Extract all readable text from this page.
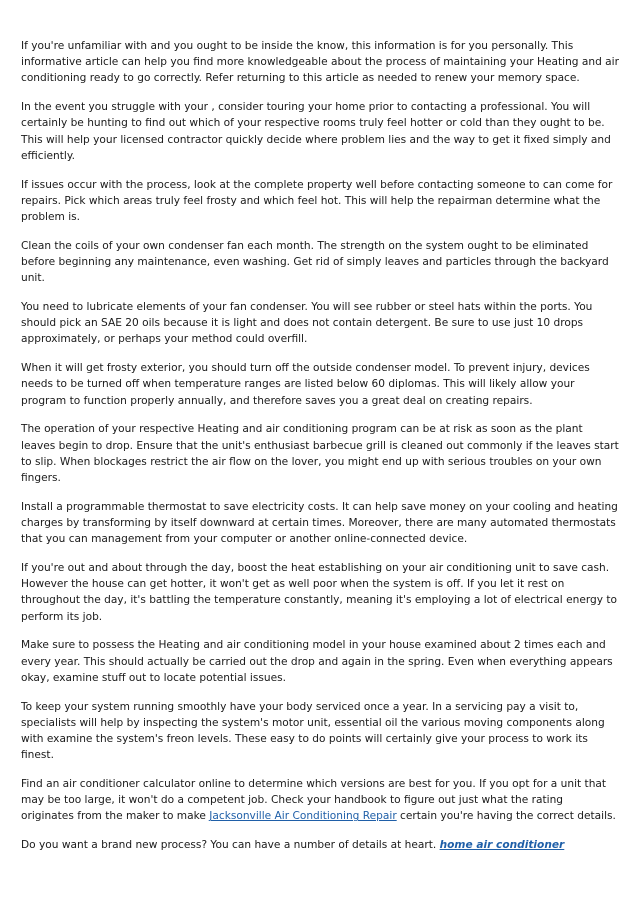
If you're unfamiliar with and you ought to be inside the know, this information is for you personally. This informative article can help you find more knowledgeable about the process of maintaining your Heating and air conditioning ready to go correctly. Refer returning to this article as needed to renew your memory space.

In the event you struggle with your , consider touring your home prior to contacting a professional. You will certainly be hunting to find out which of your respective rooms truly feel hotter or cold than they ought to be. This will help your licensed contractor quickly decide where problem lies and the way to get it fixed simply and efficiently.

If issues occur with the process, look at the complete property well before contacting someone to can come for repairs. Pick which areas truly feel frosty and which feel hot. This will help the repairman determine what the problem is.

Clean the coils of your own condenser fan each month. The strength on the system ought to be eliminated before beginning any maintenance, even washing. Get rid of simply leaves and particles through the backyard unit.

You need to lubricate elements of your fan condenser. You will see rubber or steel hats within the ports. You should pick an SAE 20 oils because it is light and does not contain detergent. Be sure to use just 10 drops approximately, or perhaps your method could overfill.

When it will get frosty exterior, you should turn off the outside condenser model. To prevent injury, devices needs to be turned off when temperature ranges are listed below 60 diplomas. This will likely allow your program to function properly annually, and therefore saves you a great deal on creating repairs.

The operation of your respective Heating and air conditioning program can be at risk as soon as the plant leaves begin to drop. Ensure that the unit's enthusiast barbecue grill is cleaned out commonly if the leaves start to slip. When blockages restrict the air flow on the lover, you might end up with serious troubles on your own fingers.

Install a programmable thermostat to save electricity costs. It can help save money on your cooling and heating charges by transforming by itself downward at certain times. Moreover, there are many automated thermostats that you can management from your computer or another online-connected device.

If you're out and about through the day, boost the heat establishing on your air conditioning unit to save cash. However the house can get hotter, it won't get as well poor when the system is off. If you let it rest on throughout the day, it's battling the temperature constantly, meaning it's employing a lot of electrical energy to perform its job.

Make sure to possess the Heating and air conditioning model in your house examined about 2 times each and every year. This should actually be carried out the drop and again in the spring. Even when everything appears okay, examine stuff out to locate potential issues.

To keep your system running smoothly have your body serviced once a year. In a servicing pay a visit to, specialists will help by inspecting the system's motor unit, essential oil the various moving components along with examine the system's freon levels. These easy to do points will certainly give your process to work its finest.

Find an air conditioner calculator online to determine which versions are best for you. If you opt for a unit that may be too large, it won't do a competent job. Check your handbook to figure out just what the rating originates from the maker to make Jacksonville Air Conditioning Repair certain you're having the correct details.

Do you want a brand new process? You can have a number of details at heart. home air conditioner
